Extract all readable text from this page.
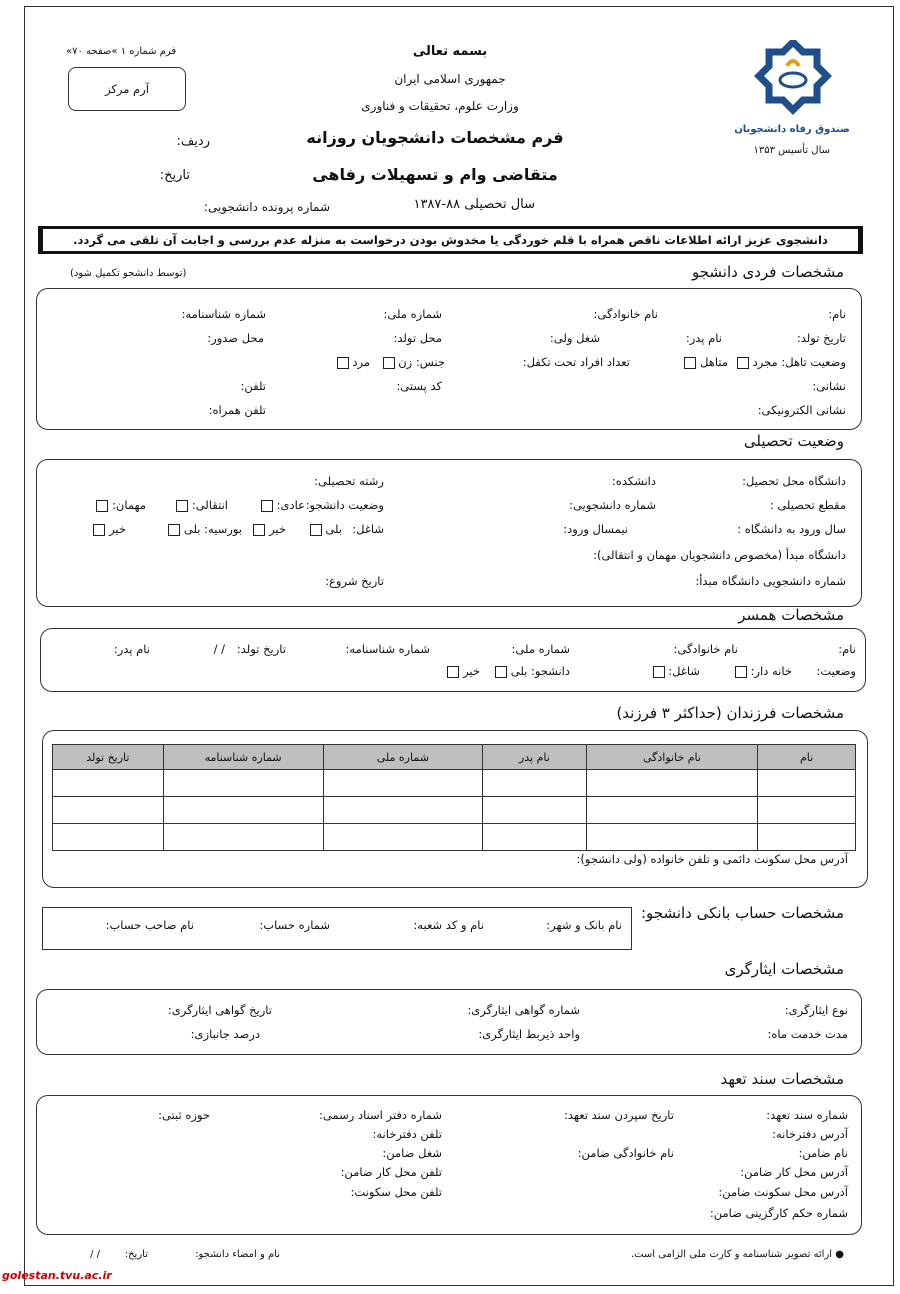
«فرم شماره ۱ »صفحه ۷۰
آرم مرکز
بسمه تعالی
جمهوری اسلامی ایران
وزارت علوم، تحقیقات و فناوری
فرم مشخصات دانشجویان روزانه
متقاضی وام و تسهیلات رفاهی
سال تحصیلی ۸۸-۱۳۸۷
ردیف:
تاریخ:
شماره پرونده دانشجویی:
صندوق رفاه دانشجویان
سال تأسیس ۱۳۵۳
دانشجوی عزیز ارائه اطلاعات ناقص همراه با قلم خوردگی یا مخدوش بودن درخواست به منزله عدم بررسی و اجابت آن تلقی می گردد.
مشخصات فردی دانشجو
(توسط دانشجو تکمیل شود)
نام:
نام خانوادگی:
شماره ملی:
شماره شناسنامه:
تاریخ تولد:
نام پدر:
شغل ولی:
محل تولد:
محل صدور:
وضعیت تاهل: مجرد
متاهل
تعداد افراد تحت تکفل:
جنس: زن
مرد
نشانی:
کد پستی:
تلفن:
نشانی الکترونیکی:
تلفن همراه:
وضعیت تحصیلی
دانشگاه محل تحصیل:
دانشکده:
رشته تحصیلی:
مقطع تحصیلی :
شماره دانشجویی:
وضعیت دانشجو:
عادی:
انتقالی:
مهمان:
سال ورود به دانشگاه :
نیمسال ورود:
شاغل:
بلی
خیر
بورسیه: بلی
خیر
دانشگاه مبدأ (مخصوص دانشجویان مهمان و انتقالی):
شماره دانشجویی دانشگاه مبدأ:
تاریخ شروع:
مشخصات همسر
نام:
نام خانوادگی:
شماره ملی:
شماره شناسنامه:
تاریخ تولد:
/ /
نام پدر:
وضعیت:
خانه دار:
شاغل:
دانشجو: بلی
خیر
مشخصات فرزندان (حداکثر ۳ فرزند)
نام	نام خانوادگی	نام پدر	شماره ملی	شماره شناسنامه	تاریخ تولد

آدرس محل سکونت دائمی و تلفن خانواده (ولی دانشجو):
مشخصات حساب بانکی دانشجو:
نام بانک و شهر:
نام و کد شعبه:
شماره حساب:
نام صاحب حساب:
مشخصات ایثارگری
نوع ایثارگری:
شماره گواهی ایثارگری:
تاریخ گواهی ایثارگری:
مدت خدمت ماه:
واحد ذیربط ایثارگری:
درصد جانبازی:
مشخصات سند تعهد
شماره سند تعهد:
تاریخ سپردن سند تعهد:
شماره دفتر اسناد رسمی:
حوزه ثبتی:
آدرس دفترخانه:
تلفن دفترخانه:
نام ضامن:
نام خانوادگی ضامن:
شغل ضامن:
آدرس محل کار ضامن:
تلفن محل کار ضامن:
آدرس محل سکونت ضامن:
تلفن محل سکونت:
شماره حکم کارگزینی ضامن:
● ارائه تصویر شناسنامه و کارت ملی الزامی است.
نام و امضاء دانشجو:
تاریخ:
/ /
golestan.tvu.ac.ir
